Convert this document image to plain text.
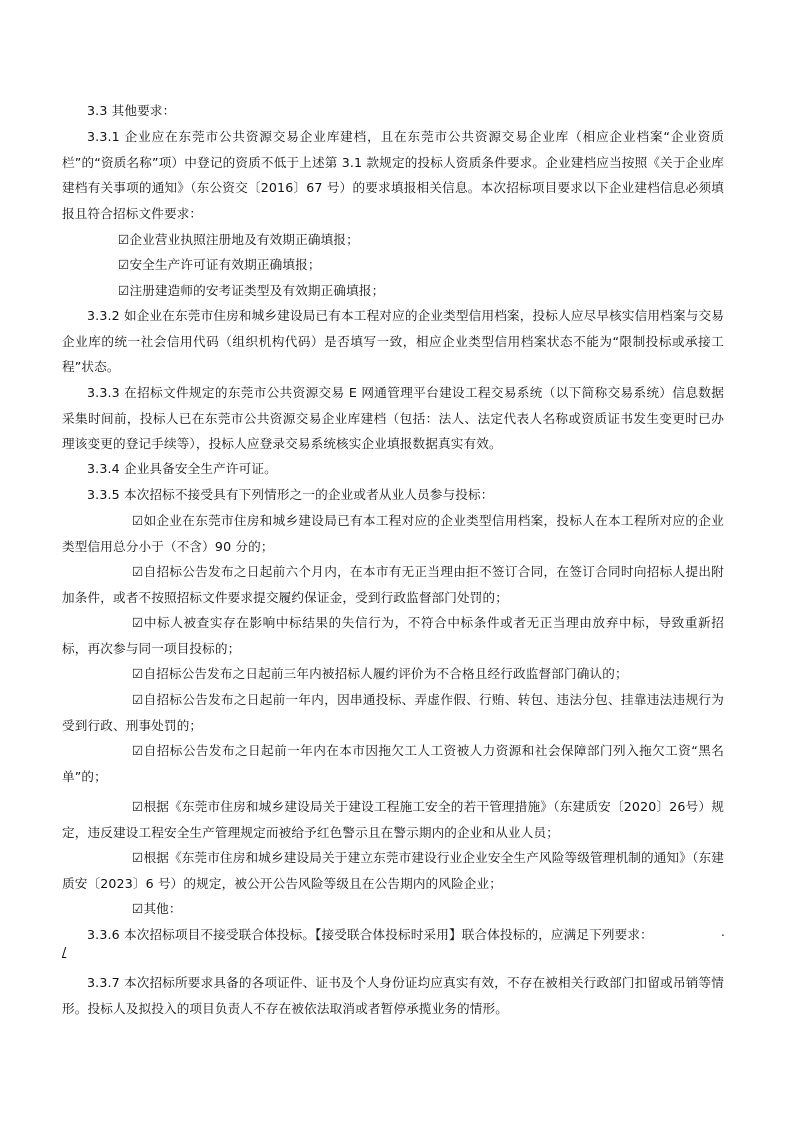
3.3 其他要求：

3.3.1 企业应在东莞市公共资源交易企业库建档，且在东莞市公共资源交易企业库（相应企业档案“企业资质栏”的“资质名称”项）中登记的资质不低于上述第 3.1 款规定的投标人资质条件要求。企业建档应当按照《关于企业库建档有关事项的通知》（东公资交〔2016〕67 号）的要求填报相关信息。本次招标项目要求以下企业建档信息必须填报且符合招标文件要求：

☑企业营业执照注册地及有效期正确填报；

☑安全生产许可证有效期正确填报；

☑注册建造师的安考证类型及有效期正确填报；

3.3.2 如企业在东莞市住房和城乡建设局已有本工程对应的企业类型信用档案，投标人应尽早核实信用档案与交易企业库的统一社会信用代码（组织机构代码）是否填写一致，相应企业类型信用档案状态不能为“限制投标或承接工程”状态。

3.3.3 在招标文件规定的东莞市公共资源交易 E 网通管理平台建设工程交易系统（以下简称交易系统）信息数据采集时间前，投标人已在东莞市公共资源交易企业库建档（包括：法人、法定代表人名称或资质证书发生变更时已办理该变更的登记手续等），投标人应登录交易系统核实企业填报数据真实有效。

3.3.4 企业具备安全生产许可证。

3.3.5 本次招标不接受具有下列情形之一的企业或者从业人员参与投标：

☑如企业在东莞市住房和城乡建设局已有本工程对应的企业类型信用档案，投标人在本工程所对应的企业类型信用总分小于（不含）90 分的；

☑自招标公告发布之日起前六个月内，在本市有无正当理由拒不签订合同，在签订合同时向招标人提出附加条件，或者不按照招标文件要求提交履约保证金，受到行政监督部门处罚的；

☑中标人被查实存在影响中标结果的失信行为，不符合中标条件或者无正当理由放弃中标，导致重新招标，再次参与同一项目投标的；

☑自招标公告发布之日起前三年内被招标人履约评价为不合格且经行政监督部门确认的；

☑自招标公告发布之日起前一年内，因串通投标、弄虚作假、行贿、转包、违法分包、挂靠违法违规行为受到行政、刑事处罚的；

☑自招标公告发布之日起前一年内在本市因拖欠工人工资被人力资源和社会保障部门列入拖欠工资“黑名单”的；

☑根据《东莞市住房和城乡建设局关于建设工程施工安全的若干管理措施》（东建质安〔2020〕26号）规定，违反建设工程安全生产管理规定而被给予红色警示且在警示期内的企业和从业人员；

☑根据《东莞市住房和城乡建设局关于建立东莞市建设行业企业安全生产风险等级管理机制的通知》（东建质安〔2023〕6 号）的规定，被公开公告风险等级且在公告期内的风险企业；

☑其他：

3.3.6 本次招标项目不接受联合体投标。【接受联合体投标时采用】联合体投标的，应满足下列要求：	.
/

3.3.7 本次招标所要求具备的各项证件、证书及个人身份证均应真实有效，不存在被相关行政部门扣留或吊销等情形。投标人及拟投入的项目负责人不存在被依法取消或者暂停承揽业务的情形。
